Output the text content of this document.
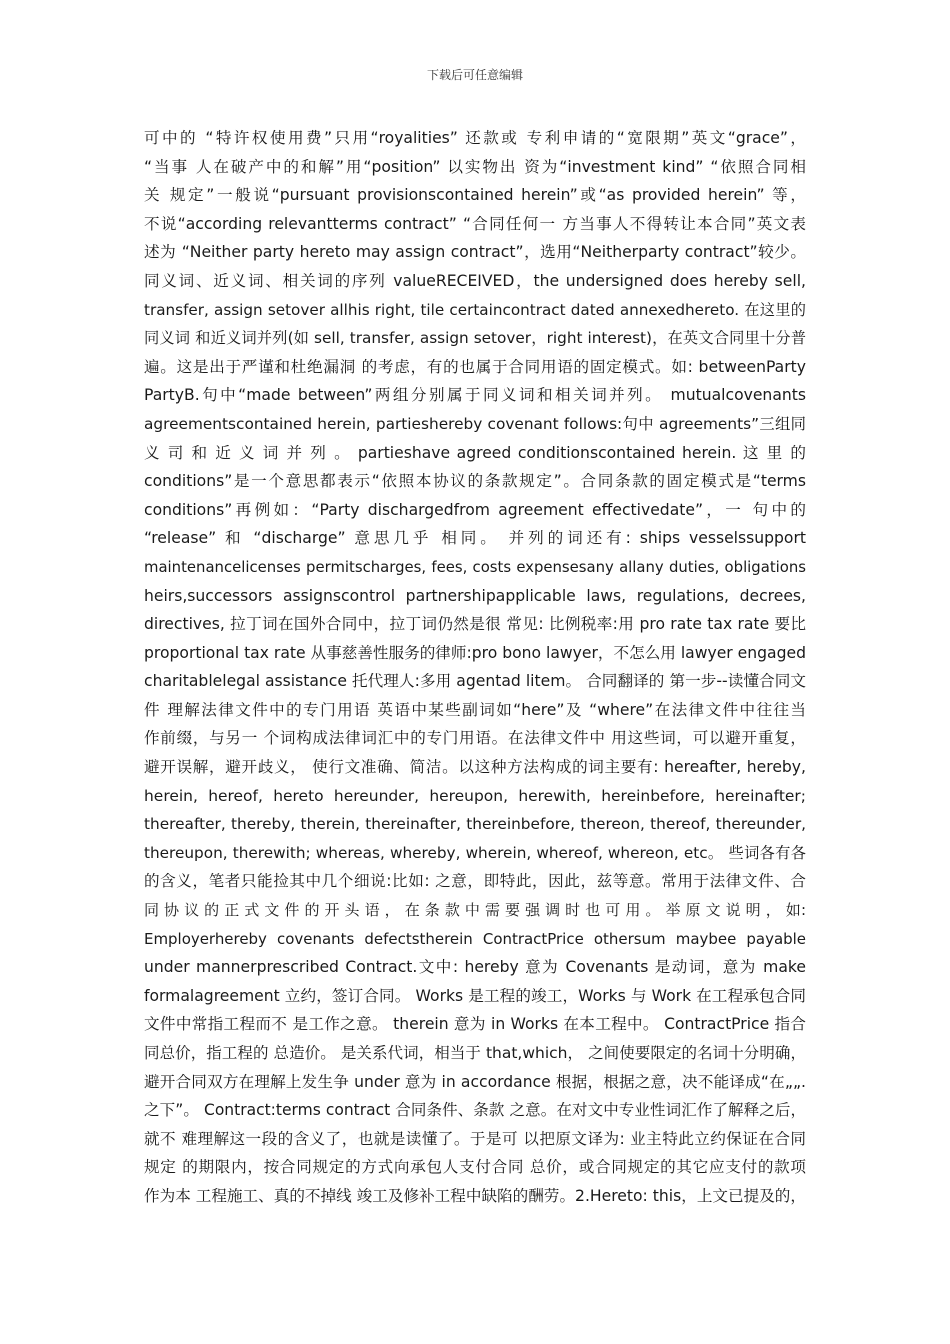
下载后可任意编辑
可中的 “特许权使用费”只用“royalities” 还款或 专利申请的“宽限期”英文“grace”，
“当事 人在破产中的和解”用“position” 以实物出 资为“investment kind” “依照合同相
关 规定”一般说“pursuant provisionscontained herein”或“as provided herein” 等，
不说“according relevantterms contract” “合同任何一 方当事人不得转让本合同”英文表
述为 “Neither party hereto may assign contract”，选用“Neitherparty contract”较少。
同义词、近义词、相关词的序列 valueRECEIVED，the undersigned does hereby sell,
transfer, assign setover allhis right, tile certaincontract dated annexedhereto. 在这里的
同义词 和近义词并列(如 sell, transfer, assign setover，right interest)，在英文合同里十分普
遍。这是出于严谨和杜绝漏洞 的考虑，有的也属于合同用语的固定模式。如: betweenParty
PartyB.句中“made between”两组分别属于同义词和相关词并列。 mutualcovenants
agreementscontained herein, partieshereby covenant follows:句中 agreements”三组同
义 司 和 近 义 词 并 列 。 partieshave agreed conditionscontained herein. 这 里 的
conditions”是一个意思都表示“依照本协议的条款规定”。合同条款的固定模式是“terms
conditions”再例如：“Party dischargedfrom agreement effectivedate”，一 句中的
“release” 和 “discharge” 意思几乎 相同。 并列的词还有: ships vesselssupport
maintenancelicenses permitscharges, fees, costs expensesany allany duties, obligations
heirs,successors assignscontrol partnershipapplicable laws, regulations, decrees,
directives, 拉丁词在国外合同中，拉丁词仍然是很 常见: 比例税率:用 pro rate tax rate 要比
proportional tax rate 从事慈善性服务的律师:pro bono lawyer，不怎么用 lawyer engaged
charitablelegal assistance 托代理人:多用 agentad litem。 合同翻译的 第一步--读懂合同文
件 理解法律文件中的专门用语 英语中某些副词如“here”及 “where”在法律文件中往往当
作前缀，与另一 个词构成法律词汇中的专门用语。在法律文件中 用这些词，可以避开重复，
避开误解，避开歧义， 使行文准确、简洁。以这种方法构成的词主要有: hereafter, hereby,
herein, hereof, hereto hereunder, hereupon, herewith, hereinbefore, hereinafter;
thereafter, thereby, therein, thereinafter, thereinbefore, thereon, thereof, thereunder,
thereupon, therewith; whereas, whereby, wherein, whereof, whereon, etc。 些词各有各
的含义，笔者只能捡其中几个细说:比如: 之意，即特此，因此，兹等意。常用于法律文件、合
同 协 议 的 正 式 文 件 的 开 头 语 ， 在 条 款 中 需 要 强 调 时 也 可 用 。 举 原 文 说 明 ， 如:
Employerhereby covenants defectstherein ContractPrice othersum maybee payable
under mannerprescribed Contract.文中: hereby 意为 Covenants 是动词，意为 make
formalagreement 立约，签订合同。 Works 是工程的竣工，Works 与 Work 在工程承包合同
文件中常指工程而不 是工作之意。 therein 意为 in Works 在本工程中。 ContractPrice 指合
同总价，指工程的 总造价。 是关系代词，相当于 that,which， 之间使要限定的名词十分明确，
避开合同双方在理解上发生争 under 意为 in accordance 根据，根据之意，决不能译成“在„„.
之下”。 Contract:terms contract 合同条件、条款 之意。在对文中专业性词汇作了解释之后，
就不 难理解这一段的含义了，也就是读懂了。于是可 以把原文译为: 业主特此立约保证在合同
规定 的期限内，按合同规定的方式向承包人支付合同 总价，或合同规定的其它应支付的款项
作为本 工程施工、真的不掉线 竣工及修补工程中缺陷的酬劳。2.Hereto: this，上文已提及的，
